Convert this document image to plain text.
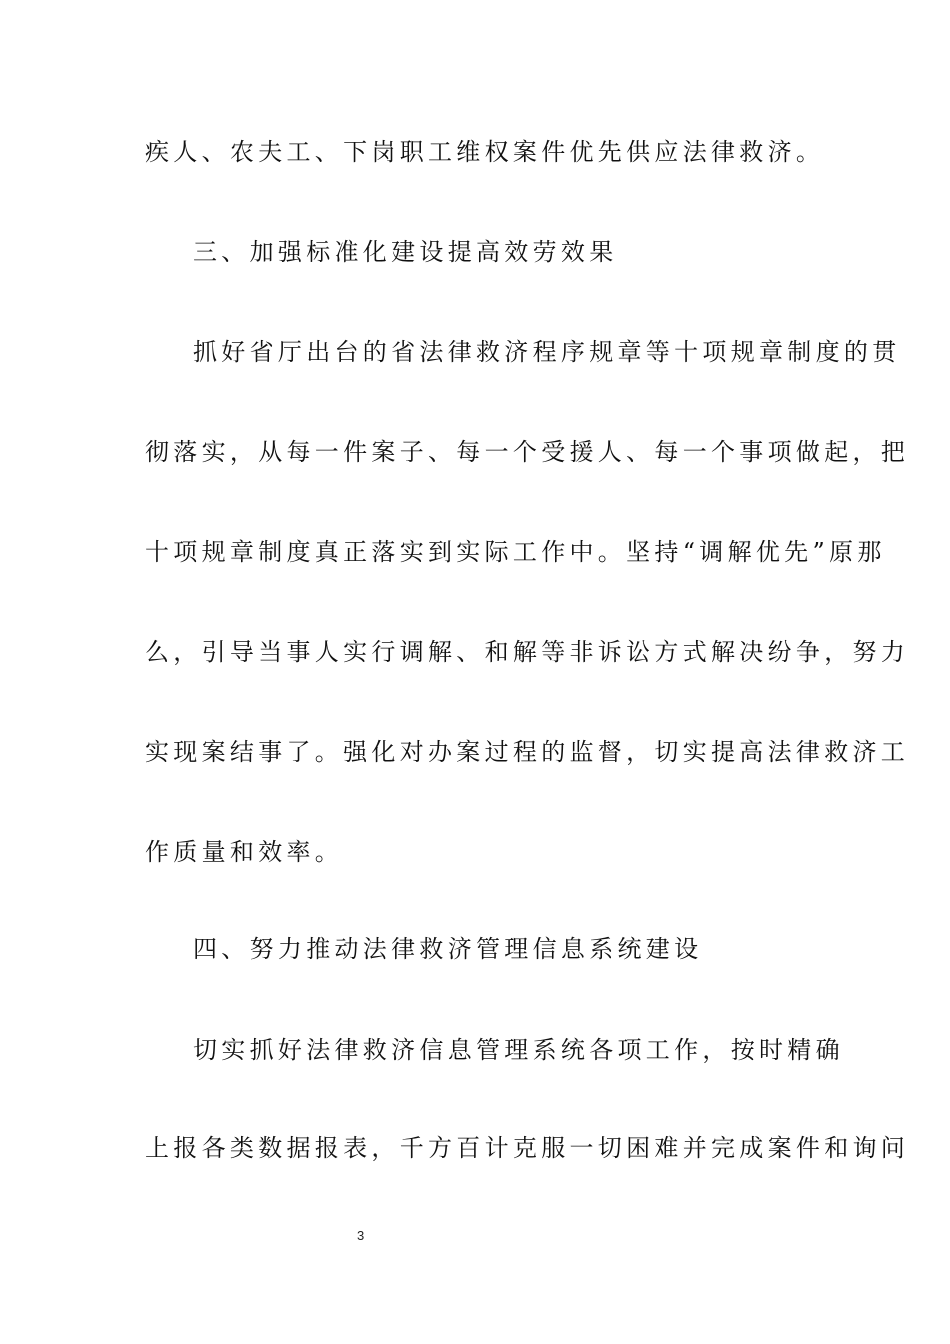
疾人、农夫工、下岗职工维权案件优先供应法律救济。

三、加强标准化建设提高效劳效果

抓好省厅出台的省法律救济程序规章等十项规章制度的贯

彻落实，从每一件案子、每一个受援人、每一个事项做起，把

十项规章制度真正落实到实际工作中。坚持“调解优先”原那

么，引导当事人实行调解、和解等非诉讼方式解决纷争，努力

实现案结事了。强化对办案过程的监督，切实提高法律救济工

作质量和效率。

四、努力推动法律救济管理信息系统建设

切实抓好法律救济信息管理系统各项工作，按时精确

上报各类数据报表，千方百计克服一切困难并完成案件和询问

3
